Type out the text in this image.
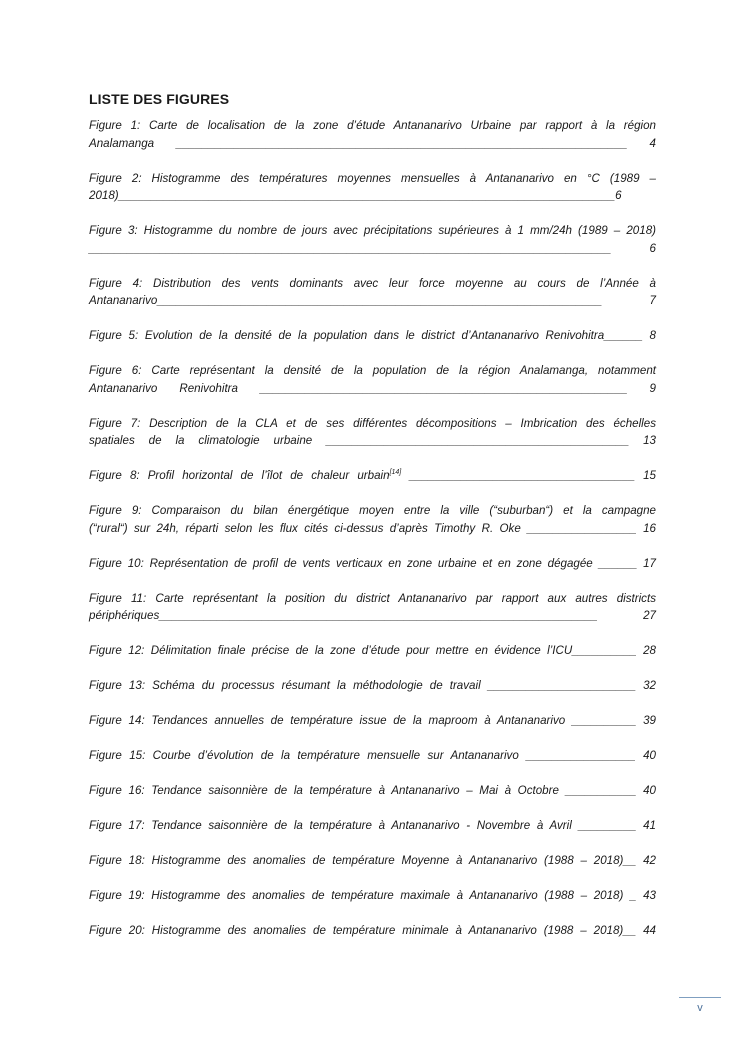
LISTE DES FIGURES
Figure 1: Carte de localisation de la zone d’étude Antananarivo Urbaine par rapport à la région
Analamanga ______________________________________________________________________ 4
Figure 2: Histogramme des températures moyennes mensuelles à Antananarivo en °C (1989 –
2018)_____________________________________________________________________________6
Figure 3: Histogramme du nombre de jours avec précipitations supérieures à 1 mm/24h (1989 – 2018)
_________________________________________________________________________________ 6
Figure 4: Distribution des vents dominants avec leur force moyenne au cours de l’Année à
Antananarivo_____________________________________________________________________ 7
Figure 5: Evolution de la densité de la population dans le district d’Antananarivo Renivohitra______ 8
Figure 6: Carte représentant la densité de la population de la région Analamanga, notamment
Antananarivo Renivohitra _________________________________________________________ 9
Figure 7: Description de la CLA et de ses différentes décompositions – Imbrication des échelles
spatiales de la climatologie urbaine _______________________________________________ 13
Figure 8: Profil horizontal de l’îlot de chaleur urbain[14] ___________________________________ 15
Figure 9: Comparaison du bilan énergétique moyen entre la ville (“suburban“) et la campagne
(“rural“) sur 24h, réparti selon les flux cités ci-dessus d’après Timothy R. Oke _________________ 16
Figure 10: Représentation de profil de vents verticaux en zone urbaine et en zone dégagée ______ 17
Figure 11: Carte représentant la position du district Antananarivo par rapport aux autres districts
périphériques____________________________________________________________________ 27
Figure 12: Délimitation finale précise de la zone d’étude pour mettre en évidence l’ICU__________ 28
Figure 13: Schéma du processus résumant la méthodologie de travail _______________________ 32
Figure 14: Tendances annuelles de température issue de la maproom à Antananarivo __________ 39
Figure 15: Courbe d’évolution de la température mensuelle sur Antananarivo _________________ 40
Figure 16: Tendance saisonnière de la température à Antananarivo – Mai à Octobre ___________ 40
Figure 17: Tendance saisonnière de la température à Antananarivo - Novembre à Avril _________ 41
Figure 18: Histogramme des anomalies de température Moyenne à Antananarivo (1988 – 2018)__ 42
Figure 19: Histogramme des anomalies de température maximale à Antananarivo (1988 – 2018) _ 43
Figure 20: Histogramme des anomalies de température minimale à Antananarivo (1988 – 2018)__ 44
v
